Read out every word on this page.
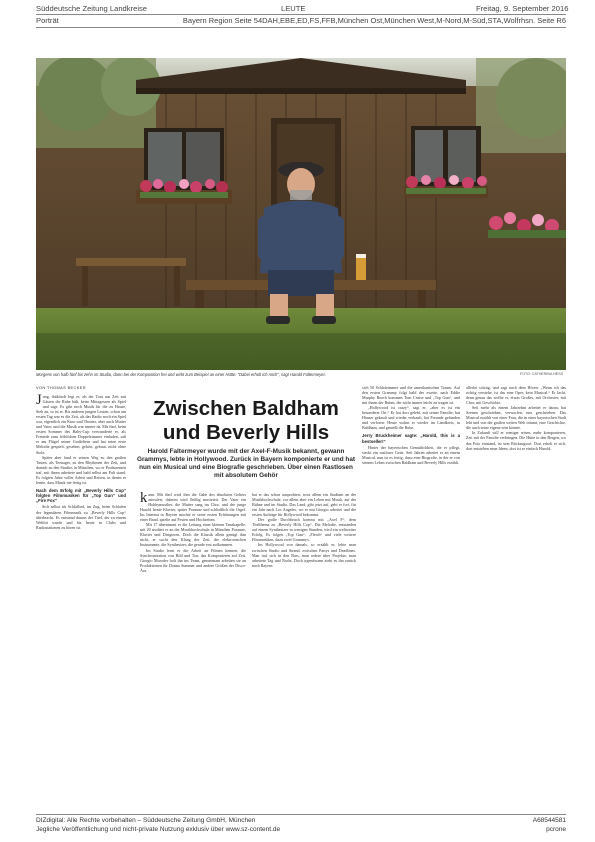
Süddeutsche Zeitung Landkreise	LEUTE	Freitag, 9. September 2016
Porträt	Bayern Region Seite 54DAH,EBE,ED,FS,FFB,München Ost,München West,M-Nord,M-Süd,STA,Wolfrhsn. Seite R6
Morgens von halb fünf bis zehn im Studio, dann bei der Komposition frei und wirkt zum Beispiel an einer Hütte: "Dabei erholt ich mich", sagt Harold Faltermeyer.	FOTO: CATHERINA HESS
VON THOMAS BECKER

Jung, thäktisch legt er, als der Toni aus Zeit mit Gästen die Ruhe hält, beim Mittagessen als Spiel und sagt: Es gibt noch Musik für die zu Hause, Sieh an, so ist er. Bis anderen jungen Leuten, schon am ersten Tag war es die Zeit, als das Radio noch ein Spiel war, eigentlich ein Kino und Theater, aber auch Mutter und Vater, und die Musik war immer da. Mit fünf, beim ersten Sommer des Baby-Cup verwunderte er, als Freunde zum fröhlichen Doppelzimmer einluden, saß er am Flügel seiner Großeltern und hat seine erste Melodie gespielt, gesehen, gehört, gebaut, nicht ohne Stolz.

Später aber fand er seinen Weg zu den großen Tasten, als Teenager, zu den Rhythmen der Zeit, und danach zu den Studios in München, wo er Produzenten traf, mit ihnen arbeitete und bald selbst am Pult stand. Es folgten Jahre voller Arbeit und Reisen, in denen er lernte, dass Musik nie fertig ist.

Nach dem Erfolg mit „Beverly Hills Cop“ folgten Filmmusiken für „Top Gun“ und „Fire Fox“

Sich selbst als Schlaflied, im Zug, beim Schlafen der legendären Filmmusik zu „Beverly Hills Cop“ überbracht. Es entstand daraus der Titel, der zu einem Welthit wurde und bis heute in Clubs und Radiostationen zu hören ist.

Zwischen Baldham
und Beverly Hills
Harold Faltermeyer wurde mit der Axel-F-Musik bekannt, gewann Grammys, lebte in Hollywood. Zurück in Bayern komponierte er und hat nun ein Musical und eine Biografie geschrieben. Über einen Rastlosen mit absolutem Gehör

kann. Mit fünf wird ihm die Gabe des absoluten Gehörs attestiert, daheim wird fleißig musiziert. Der Vater ein Hobbymusiker, die Mutter sang im Chor, und der junge Harold lernte Klavier, später Posaune und schließlich die Orgel. Im Internat in Bayern machte er seine ersten Erfahrungen mit einer Band, spielte auf Festen und Hochzeiten.

Mit 17 übernimmt er die Leitung einer kleinen Tanzkapelle, mit 20 studiert er an der Musikhochschule in München Posaune, Klavier und Dirigieren. Doch die Klassik allein genügt ihm nicht, er sucht den Klang der Zeit, die elektronischen Instrumente, die Synthesizer, die gerade erst aufkommen.

Im Studio lernt er die Arbeit an Filmen kennen, die Synchronisation von Bild und Ton, das Komponieren auf Zeit. Giorgio Moroder holt ihn ins Team, gemeinsam arbeiten sie an Produktionen für Donna Summer und andere Größen der Disco-Ära.

hat er das schon ausprobiert, trotz allem ein Studium an der Musikhochschule, vor allem aber ein Leben mit Musik, auf der Bühne und im Studio. Das Land, gibt jetzt auf, geht er fort, für ein Jahr nach Los Angeles, wo er mit Giorgio arbeitet und die ersten Aufträge für Hollywood bekommt.

Der große Durchbruch kommt mit „Axel F“, dem Titelthema zu „Beverly Hills Cop“. Die Melodie, entstanden auf einem Synthesizer in wenigen Stunden, wird ein weltweiter Erfolg. Es folgen „Top Gun“, „Fletch“ und viele weitere Filmmusiken, dazu zwei Grammys.

Im Hollywood von damals, so erzählt er, lebte man zwischen Studio und Strand, zwischen Partys und Deadlines. Man traf sich in den Bars, man redete über Projekte, man arbeitete Tag und Nacht. Doch irgendwann zieht es ihn zurück nach Bayern.

sich 50 Schlafzimmer und die amerikanischen Traum. Auf den ersten Grammy folgt bald der zweite, nach Eddie Murphy Beach kommen Tom Cruise und „Top Gun“, und mit ihnen der Ruhm, der nicht immer leicht zu tragen ist.

„Hollywood ist crazy“, sagt er, „aber es ist ein besonderer Ort.“ Er hat dort gelebt, mit seiner Familie, hat Häuser gekauft und wieder verkauft, hat Freunde gefunden und verloren. Heute wohnt er wieder im Landkreis, in Baldham, und genießt die Ruhe.

Jerry Bruckheimer sagte: „Harold, this is a bestseller!“

Hinter der bayerischen Gemütlichkeit, die er pflegt, steckt ein rastloser Geist. Seit Jahren arbeitet er an einem Musical, nun ist es fertig, dazu eine Biografie, in der er von seinem Leben zwischen Baldham und Beverly Hills erzählt.

allerlei schräg, und sagt nach dem Hören: „Wenn ich das richtig verstehe, ist das eine Oper, kein Musical.“ Er lacht, denn genau das wollte er, etwas Großes, mit Orchester, mit Chor, mit Geschichte.

Seit mehr als einem Jahrzehnt arbeitet er daran, hat Szenen geschrieben, verworfen, neu geschrieben. Das Musical erzählt von einer Frau, die in einer bayerischen Stadt lebt und von der großen weiten Welt träumt, eine Geschichte, die auch seine eigene sein könnte.

In Zukunft will er weniger reisen, mehr komponieren, Zeit mit der Familie verbringen. Die Hütte in den Bergen, wo das Foto entstand, ist sein Rückzugsort. Dort erholt er sich, dort entstehen neue Ideen, dort ist er einfach Harold.

DIZdigital: Alle Rechte vorbehalten – Süddeutsche Zeitung GmbH, München
Jegliche Veröffentlichung und nicht-private Nutzung exklusiv über www.sz-content.de
A68544581
pcrone
